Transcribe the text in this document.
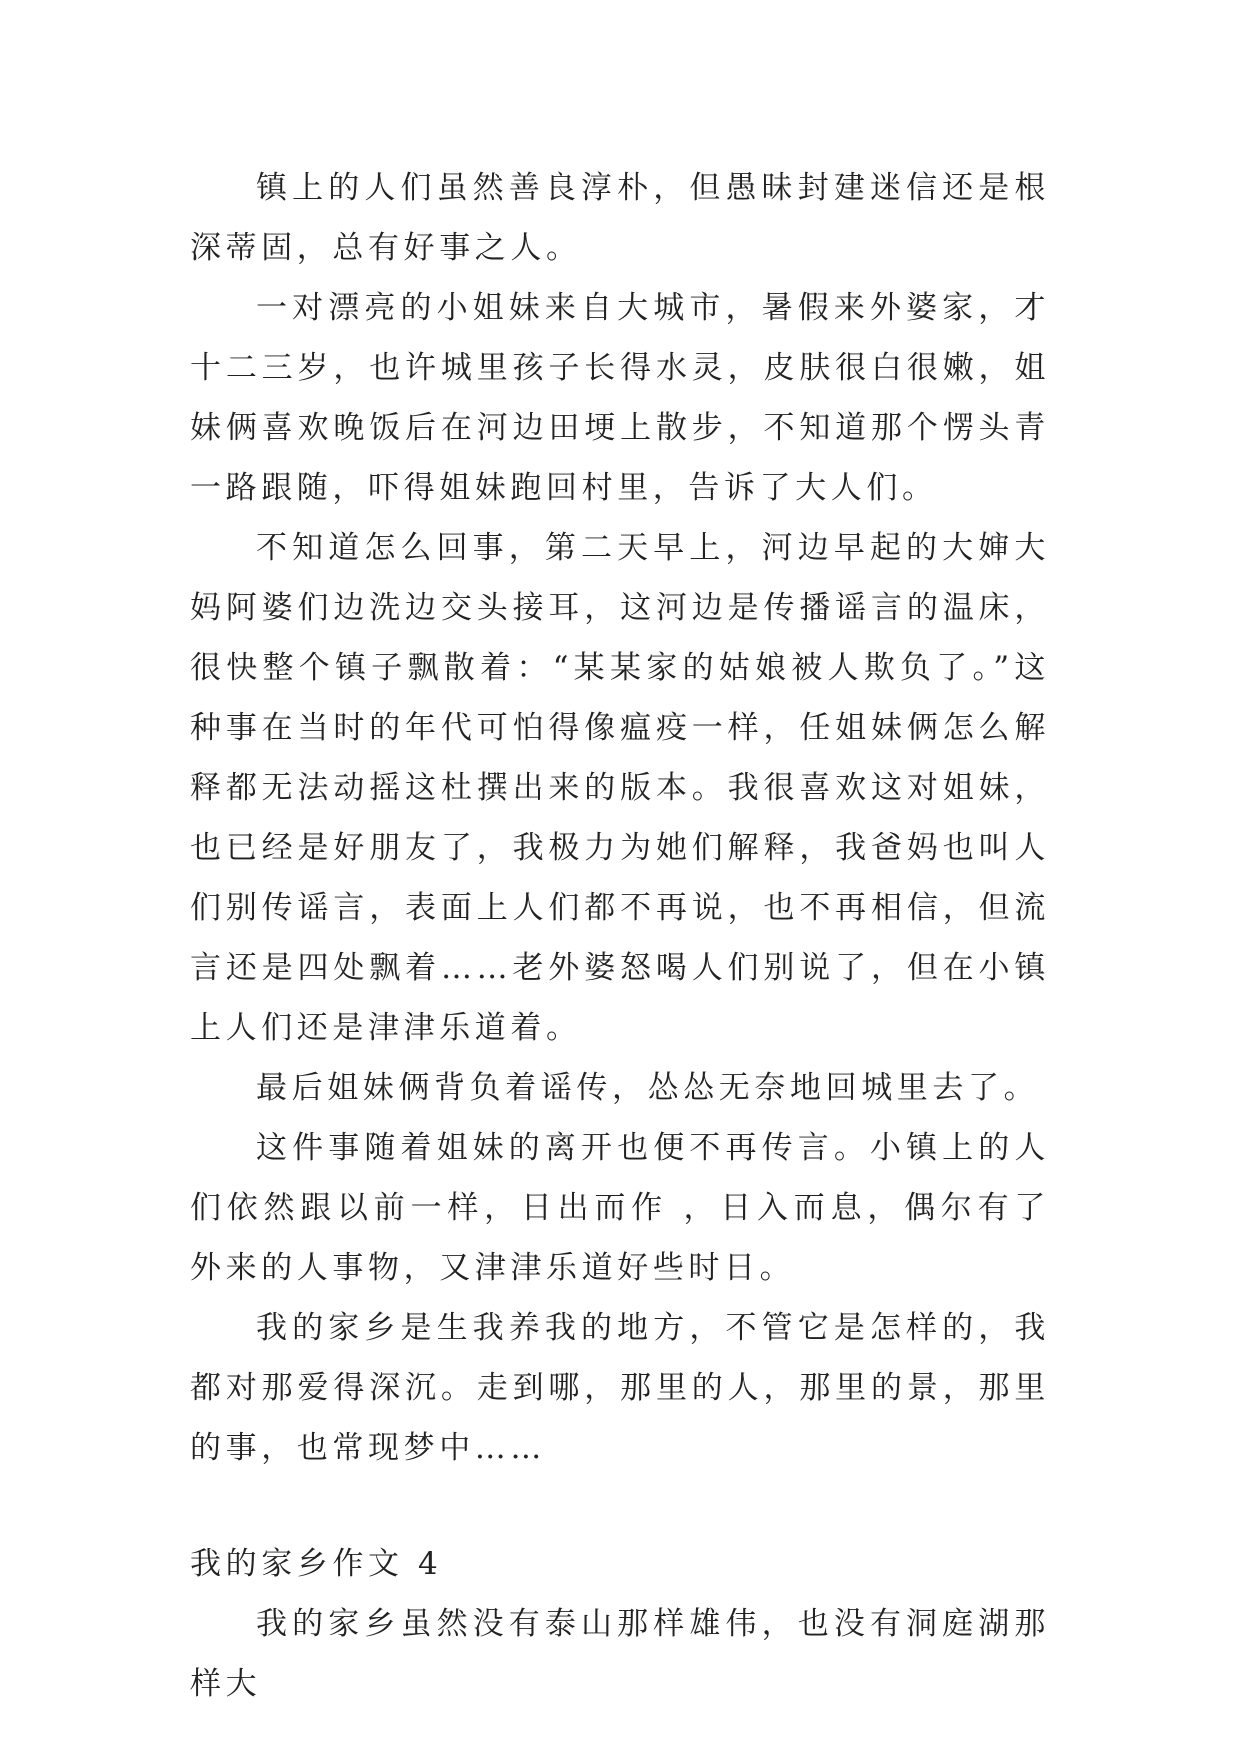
镇上的人们虽然善良淳朴，但愚昧封建迷信还是根深蒂固，总有好事之人。

一对漂亮的小姐妹来自大城市，暑假来外婆家，才十二三岁，也许城里孩子长得水灵，皮肤很白很嫩，姐妹俩喜欢晚饭后在河边田埂上散步，不知道那个愣头青一路跟随，吓得姐妹跑回村里，告诉了大人们。

不知道怎么回事，第二天早上，河边早起的大婶大妈阿婆们边洗边交头接耳，这河边是传播谣言的温床，很快整个镇子飘散着：“某某家的姑娘被人欺负了。”这种事在当时的年代可怕得像瘟疫一样，任姐妹俩怎么解释都无法动摇这杜撰出来的版本。我很喜欢这对姐妹，也已经是好朋友了，我极力为她们解释，我爸妈也叫人们别传谣言，表面上人们都不再说，也不再相信，但流言还是四处飘着……老外婆怒喝人们别说了，但在小镇上人们还是津津乐道着。

最后姐妹俩背负着谣传，怂怂无奈地回城里去了。

这件事随着姐妹的离开也便不再传言。小镇上的人们依然跟以前一样，日出而作 ，日入而息，偶尔有了外来的人事物，又津津乐道好些时日。

我的家乡是生我养我的地方，不管它是怎样的，我都对那爱得深沉。走到哪，那里的人，那里的景，那里的事，也常现梦中……

我的家乡作文 4

我的家乡虽然没有泰山那样雄伟，也没有洞庭湖那样大
